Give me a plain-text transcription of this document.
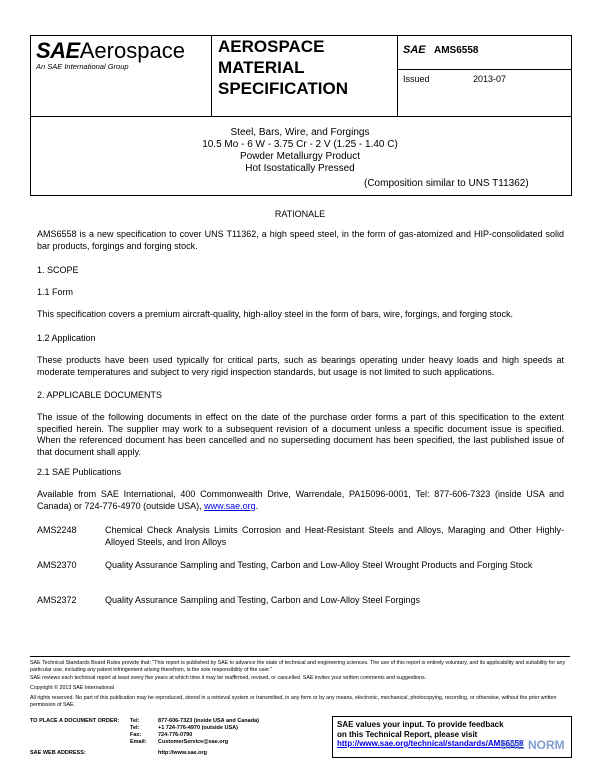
SAEAerospace
An SAE International Group
AEROSPACE
MATERIAL
SPECIFICATION
SAE AMS6558
Issued	2013-07
Steel, Bars, Wire, and Forgings
10.5 Mo - 6 W - 3.75 Cr - 2 V (1.25 - 1.40 C)
Powder Metallurgy Product
Hot Isostatically Pressed
(Composition similar to UNS T11362)
RATIONALE
AMS6558 is a new specification to cover UNS T11362, a high speed steel, in the form of gas-atomized and HIP-consolidated solid bar products, forgings and forging stock.
1. SCOPE
1.1 Form
This specification covers a premium aircraft-quality, high-alloy steel in the form of bars, wire, forgings, and forging stock.
1.2 Application
These products have been used typically for critical parts, such as bearings operating under heavy loads and high speeds at moderate temperatures and subject to very rigid inspection standards, but usage is not limited to such applications.
2. APPLICABLE DOCUMENTS
The issue of the following documents in effect on the date of the purchase order forms a part of this specification to the extent specified herein. The supplier may work to a subsequent revision of a document unless a specific document issue is specified. When the referenced document has been cancelled and no superseding document has been specified, the last published issue of that document shall apply.
2.1 SAE Publications
Available from SAE International, 400 Commonwealth Drive, Warrendale, PA15096-0001, Tel: 877-606-7323 (inside USA and Canada) or 724-776-4970 (outside USA), www.sae.org.
AMS2248	Chemical Check Analysis Limits Corrosion and Heat-Resistant Steels and Alloys, Maraging and Other Highly-Alloyed Steels, and Iron Alloys
AMS2370	Quality Assurance Sampling and Testing, Carbon and Low-Alloy Steel Wrought Products and Forging Stock
AMS2372	Quality Assurance Sampling and Testing, Carbon and Low-Alloy Steel Forgings
SAE Technical Standards Board Rules provide that: "This report is published by SAE to advance the state of technical and engineering sciences. The use of this report is entirely voluntary, and its applicability and suitability for any particular use, including any patent infringement arising therefrom, is the sole responsibility of the user."
SAE reviews each technical report at least every five years at which time it may be reaffirmed, revised, or cancelled. SAE invites your written comments and suggestions.
Copyright © 2013 SAE International
All rights reserved. No part of this publication may be reproduced, stored in a retrieval system or transmitted, in any form or by any means, electronic, mechanical, photocopying, recording, or otherwise, without the prior written permission of SAE.
TO PLACE A DOCUMENT ORDER: Tel:	877-606-7323 (inside USA and Canada)
Tel:	+1 724-776-4970 (outside USA)
Fax:	724-776-0790
Email: CustomerService@sae.org
SAE WEB ADDRESS:	http://www.sae.org
SAE values your input. To provide feedback
on this Technical Report, please visit
http://www.sae.org/technical/standards/AMS6558
SAE NORM
